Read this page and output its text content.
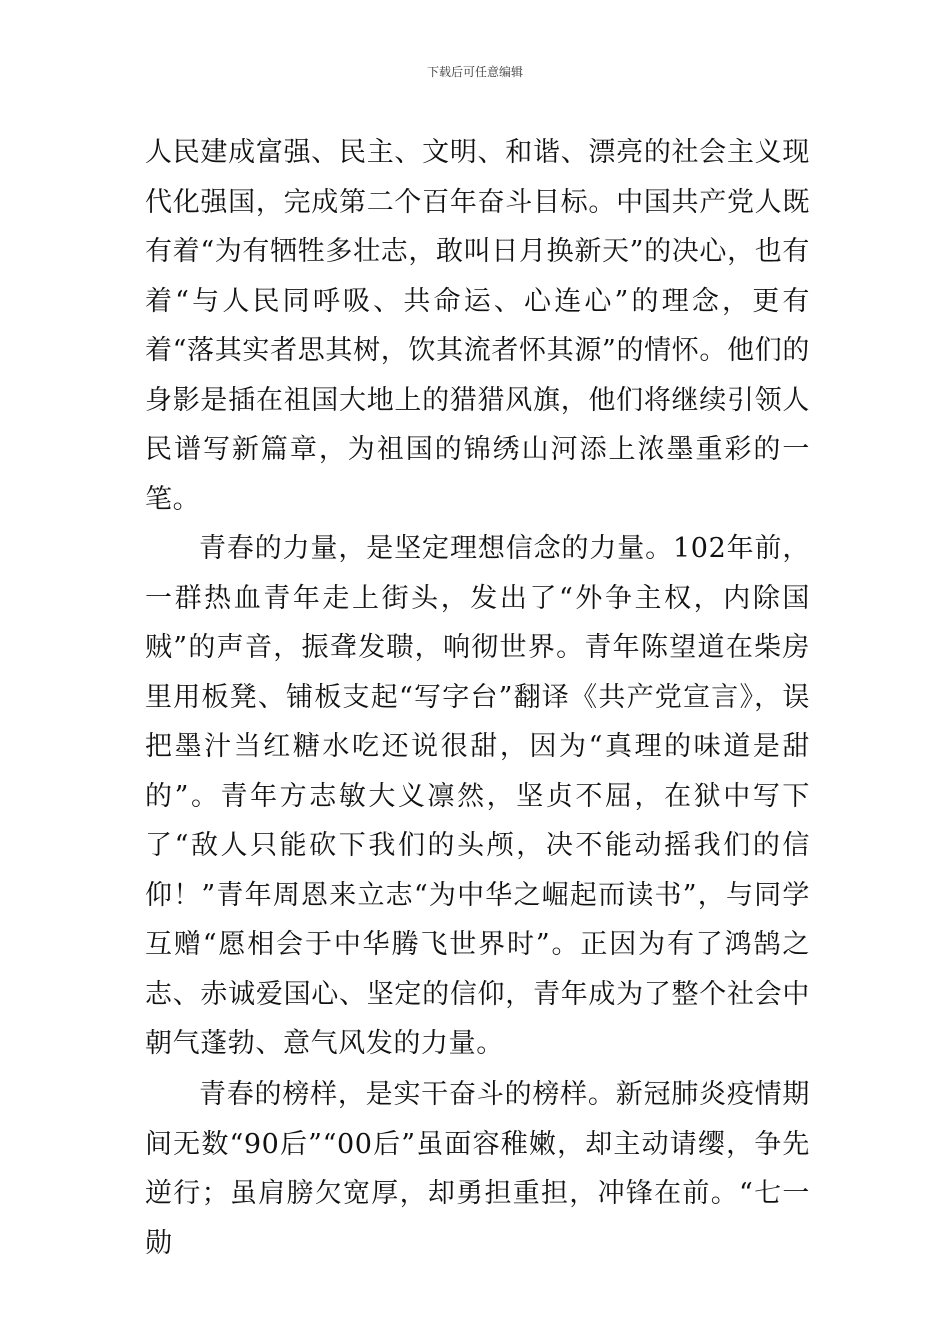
下载后可任意编辑

人民建成富强、民主、文明、和谐、漂亮的社会主义现代化强国，完成第二个百年奋斗目标。中国共产党人既有着“为有牺牲多壮志，敢叫日月换新天”的决心，也有着“与人民同呼吸、共命运、心连心”的理念，更有着“落其实者思其树，饮其流者怀其源”的情怀。他们的身影是插在祖国大地上的猎猎风旗，他们将继续引领人民谱写新篇章，为祖国的锦绣山河添上浓墨重彩的一笔。

青春的力量，是坚定理想信念的力量。102年前，一群热血青年走上街头，发出了“外争主权，内除国贼”的声音，振聋发聩，响彻世界。青年陈望道在柴房里用板凳、铺板支起“写字台”翻译《共产党宣言》，误把墨汁当红糖水吃还说很甜，因为“真理的味道是甜的”。青年方志敏大义凛然，坚贞不屈，在狱中写下了“敌人只能砍下我们的头颅，决不能动摇我们的信仰！”青年周恩来立志“为中华之崛起而读书”，与同学互赠“愿相会于中华腾飞世界时”。正因为有了鸿鹄之志、赤诚爱国心、坚定的信仰，青年成为了整个社会中朝气蓬勃、意气风发的力量。

青春的榜样，是实干奋斗的榜样。新冠肺炎疫情期间无数“90后”“00后”虽面容稚嫩，却主动请缨，争先逆行；虽肩膀欠宽厚，却勇担重担，冲锋在前。“七一勋
